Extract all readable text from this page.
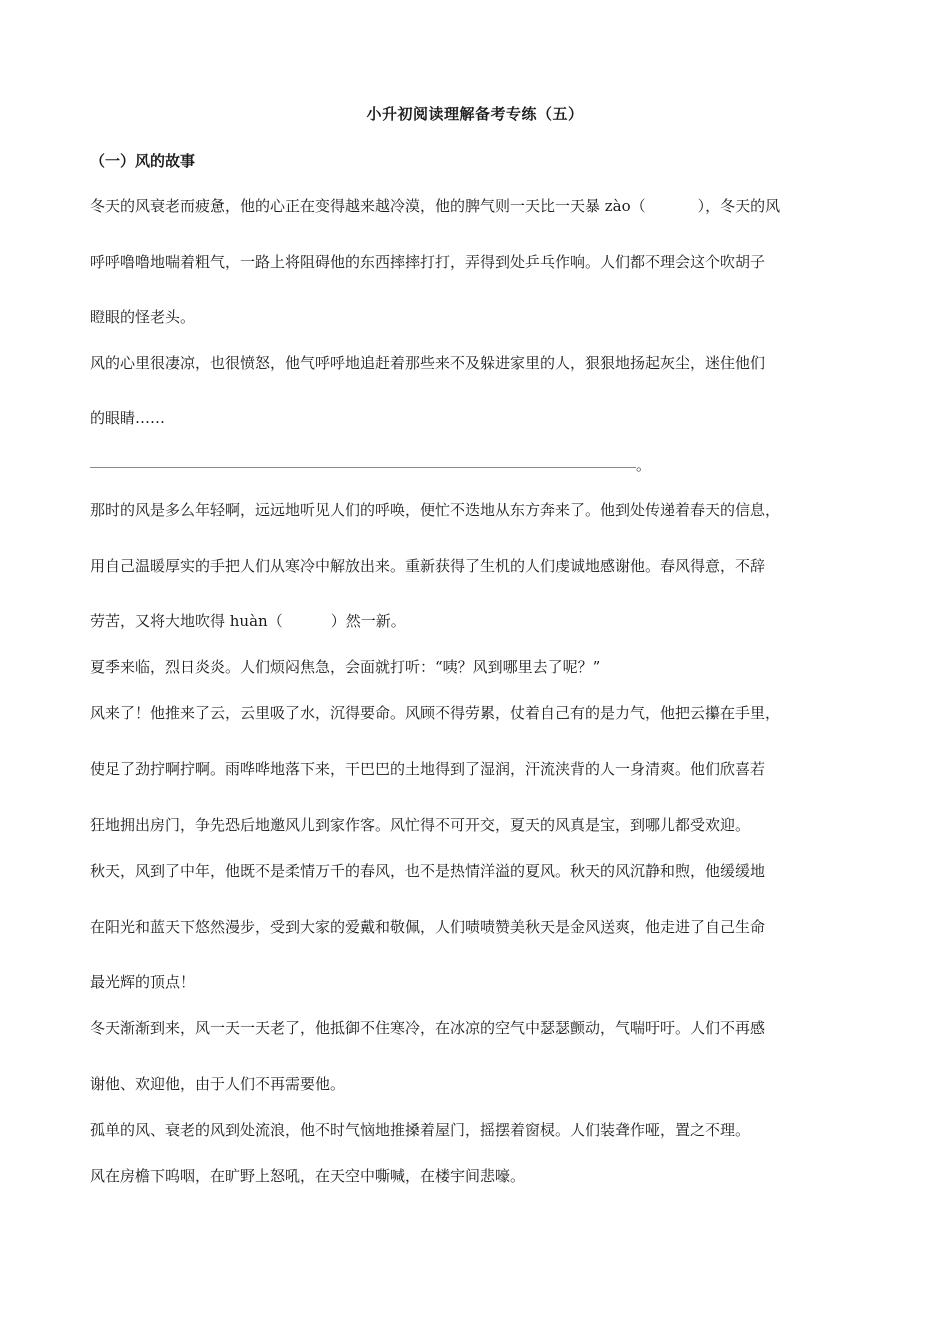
小升初阅读理解备考专练（五）
（一）风的故事
冬天的风衰老而疲惫，他的心正在变得越来越冷漠，他的脾气则一天比一天暴 zào（	），冬天的风
呼呼噜噜地喘着粗气，一路上将阻碍他的东西摔摔打打，弄得到处乒乓作响。人们都不理会这个吹胡子
瞪眼的怪老头。
风的心里很凄凉，也很愤怒，他气呼呼地追赶着那些来不及躲进家里的人，狠狠地扬起灰尘，迷住他们
的眼睛……
。
那时的风是多么年轻啊，远远地听见人们的呼唤，便忙不迭地从东方奔来了。他到处传递着春天的信息，
用自己温暖厚实的手把人们从寒冷中解放出来。重新获得了生机的人们虔诚地感谢他。春风得意，不辞
劳苦，又将大地吹得 huàn（	）然一新。
夏季来临，烈日炎炎。人们烦闷焦急，会面就打听：“咦？风到哪里去了呢？”
风来了！他推来了云，云里吸了水，沉得要命。风顾不得劳累，仗着自己有的是力气，他把云攥在手里，
使足了劲拧啊拧啊。雨哗哗地落下来，干巴巴的土地得到了湿润，汗流浃背的人一身清爽。他们欣喜若
狂地拥出房门，争先恐后地邀风儿到家作客。风忙得不可开交，夏天的风真是宝，到哪儿都受欢迎。
秋天，风到了中年，他既不是柔情万千的春风，也不是热情洋溢的夏风。秋天的风沉静和煦，他缓缓地
在阳光和蓝天下悠然漫步，受到大家的爱戴和敬佩，人们啧啧赞美秋天是金风送爽，他走进了自己生命
最光辉的顶点！
冬天渐渐到来，风一天一天老了，他抵御不住寒冷，在冰凉的空气中瑟瑟颤动，气喘吁吁。人们不再感
谢他、欢迎他，由于人们不再需要他。
孤单的风、衰老的风到处流浪，他不时气恼地推搡着屋门，摇摆着窗棂。人们装聋作哑，置之不理。
风在房檐下呜咽，在旷野上怒吼，在天空中嘶喊，在楼宇间悲嚎。
